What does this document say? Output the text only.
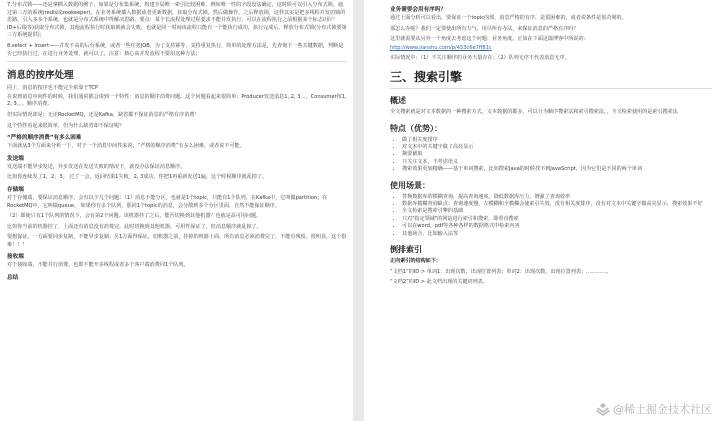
7.分布式锁——还是拿插入数据的例子，如果是分布集系统，构建全局唯一索引比较困难，例如唯一性的字段没法确定，这时候可以引入分布式锁，通过第三方的系统(redis或zookeeper)，在业务系统插入数据或者更新数据，获取分布式锁，然后做操作，之后释放锁，这样其实是把多线程并发的锁的思路，引入多多个系统，也就是分布式系统中得解决思路。要点：某个长流程处理过程要求不能并发执行，可以在流程执行之前根据某个标志(用户ID+后缀等)获取分布式锁，其他流程执行时获取锁就会失败，也就是同一时间该流程只能有一个能执行成功，执行完成后，释放分布式锁(分布式锁要第三方系统提供)；

8.select + insert——并发不高的后台系统，或者一些任务JOB，为了支持幂等，支持重复执行，简单的处理方法是，先查询下一些关键数据，判断是否已经执行过，在进行业务处理，就可以了。注意：核心高并发流程不要用这种方法；

消息的按序处理

同上，消息的按序也不能完全依靠于TCP

在说到消息中间件的时候，我们通常都会谈到一个特性：消息的顺序消费问题。这个问题看起来很简单：Producer发送消息1, 2, 3。。。Consumer按1, 2, 3。。。顺序消费。

但实际情况却是：无论RocketMQ，还是Kafka，缺省都不保证消息的严格有序消费！

这个特性看起来很简单，但为什么缺省却不保证呢？

“严格的顺序消费”有多么困难

下面就从3个方面来分析一下，对于一个消息中间件来说，“严格的顺序消费”有多么困难，或者说不可能。

发送端

发送端不能异步发送，异步发送在发送失败的情况下，就没办法保证消息顺序。

比如你连续发了1，2，3。 过了一会，返回结果1失败，2, 3成功。你把1再重新发送1遍，这个时候顺序就乱掉了。

存储端

对于存储端，要保证消息顺序，会有以下几个问题：（1）消息不能分区。也就是1个topic，只能有1个队列。在Kafka中，它叫做partition；在RocketMQ中，它叫做queue。 如果你有多个队列，那同1个topic的消息，会分散到多个分区里面，自然不能保证顺序。

（2）即使只有1个队列的情况下，会有第2个问题。该机器挂了之后，能否切换到其他机器？也就是高可用问题。

比如你当前的机器挂了，上面还有消息没有消费完。此时切换到其他机器，可用性保证了。但消息顺序就乱掉了。

要想保证，一方面要同步复制，不能异步复制；另1方面得保证，切机器之前，挂掉的机器上面，所有消息必须消费完了，不能有残留。很明显，这个很难！！！

接收端

对于接收端，不能并行消费，也即不能开多线程或者多个客户端消费同1个队列。

总结
业务需要会用有序吗？

通过上面分析可以看出，要保证一个topic内部，消息严格的有序，是很困难的，或者说条件是很苛刻的。

那怎么办呢？我们一定要使出所有力气、用尽所有办法，来保证消息的严格有序吗？

这里就需要从另外一个角度去考虑这个问题：业务角度。正如在下面这篇博客中所说的：

http://www.jianshu.com/p/453c6e7ff81c

实际情况中：（1）不关注顺序的业务大量存在；（2）队列无序不代表消息无序。

三、搜索引擎
概述

全文搜索就是对文本数据的一种搜索方式，文本数据的都多，可以分为顺序搜索法和索引搜索法。，全文检索使用的是索引搜索法

特点（优势）：
• 做了相关度排序
• 对文本中的关键字做了高亮显示
• 摘要截取
• 只关注文本，不考虑语义
• 搜索效果更加精确——基于单词搜索，比如搜索Java的时候找不到JavaScript，因为它们是不同的两个单词
使用场景：
• 替换数据库的模糊查询，提高查询速度，降低数据库压力，增强了查询效率
• 数据库模糊查询缺点：查询速度慢，左模糊和全模糊会使索引失效，没有相关度排序，没有对文本中关键字做高亮显示，搜索效果不好
• 全文检索是搜索引擎的基础
• 只对"指定领域"的网站进行索引和搜索，即垂直搜索
• 可以在word、pdf等各种各样的数据格式中检索内容
• 其他场合，比如输入法等
倒排索引

正向索引的结构如下：

“文档1”的ID > 单词1：出现次数，出现位置列表；单词2：出现次数，出现位置列表；…………。

“文档2”的ID > 此文档出现的关键词列表。

@稀土掘金技术社区
